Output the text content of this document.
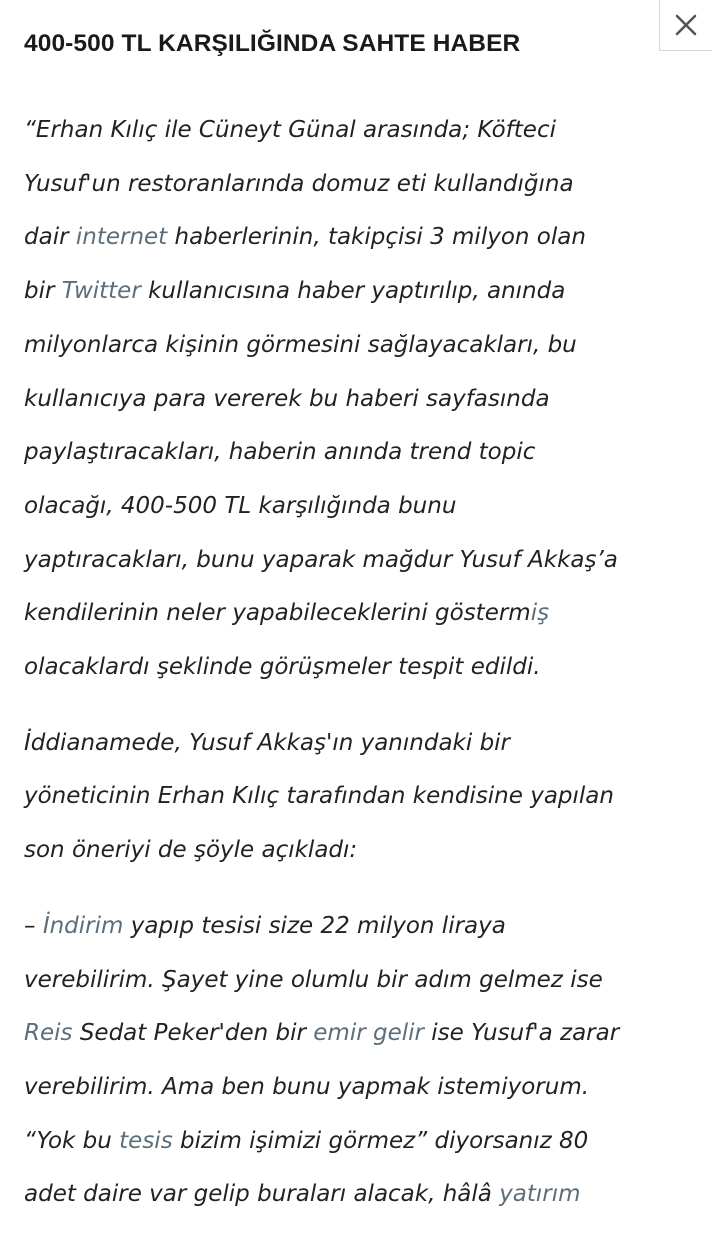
400-500 TL KARŞILIĞINDA SAHTE HABER

“Erhan Kılıç ile Cüneyt Günal arasında; Köfteci
Yusuf'un restoranlarında domuz eti kullandığına
dair internet haberlerinin, takipçisi 3 milyon olan
bir Twitter kullanıcısına haber yaptırılıp, anında
milyonlarca kişinin görmesini sağlayacakları, bu
kullanıcıya para vererek bu haberi sayfasında
paylaştıracakları, haberin anında trend topic
olacağı, 400-500 TL karşılığında bunu
yaptıracakları, bunu yaparak mağdur Yusuf Akkaş’a
kendilerinin neler yapabileceklerini göstermiş
olacaklardı şeklinde görüşmeler tespit edildi.

İddianamede, Yusuf Akkaş'ın yanındaki bir
yöneticinin Erhan Kılıç tarafından kendisine yapılan
son öneriyi de şöyle açıkladı:

– İndirim yapıp tesisi size 22 milyon liraya
verebilirim. Şayet yine olumlu bir adım gelmez ise
Reis Sedat Peker'den bir emir gelir ise Yusuf'a zarar
verebilirim. Ama ben bunu yapmak istemiyorum.
“Yok bu tesis bizim işimizi görmez” diyorsanız 80
adet daire var gelip buraları alacak, hâlâ yatırım
